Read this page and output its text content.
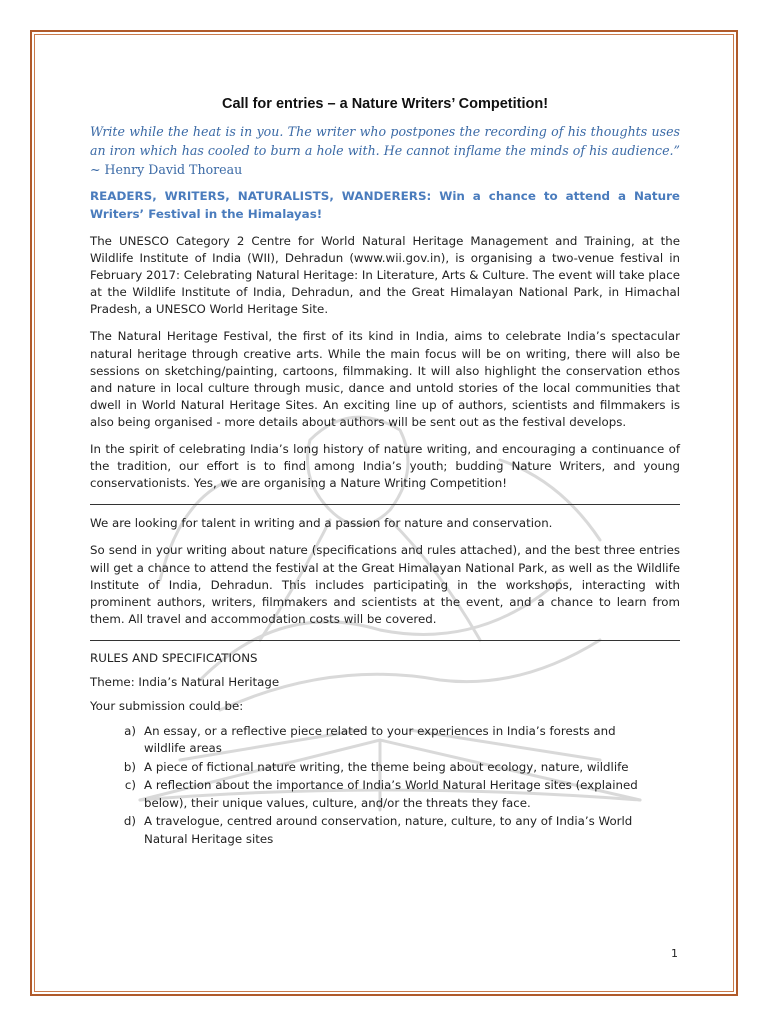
Call for entries – a Nature Writers’ Competition!
Write while the heat is in you. The writer who postpones the recording of his thoughts uses an iron which has cooled to burn a hole with. He cannot inflame the minds of his audience.” ~ Henry David Thoreau
READERS, WRITERS, NATURALISTS, WANDERERS: Win a chance to attend a Nature Writers’ Festival in the Himalayas!

The UNESCO Category 2 Centre for World Natural Heritage Management and Training, at the Wildlife Institute of India (WII), Dehradun (www.wii.gov.in), is organising a two-venue festival in February 2017: Celebrating Natural Heritage: In Literature, Arts & Culture. The event will take place at the Wildlife Institute of India, Dehradun, and the Great Himalayan National Park, in Himachal Pradesh, a UNESCO World Heritage Site.

The Natural Heritage Festival, the first of its kind in India, aims to celebrate India’s spectacular natural heritage through creative arts. While the main focus will be on writing, there will also be sessions on sketching/painting, cartoons, filmmaking. It will also highlight the conservation ethos and nature in local culture through music, dance and untold stories of the local communities that dwell in World Natural Heritage Sites. An exciting line up of authors, scientists and filmmakers is also being organised - more details about authors will be sent out as the festival develops.

In the spirit of celebrating India’s long history of nature writing, and encouraging a continuance of the tradition, our effort is to find among India’s youth; budding Nature Writers, and young conservationists. Yes, we are organising a Nature Writing Competition!

We are looking for talent in writing and a passion for nature and conservation.

So send in your writing about nature (specifications and rules attached), and the best three entries will get a chance to attend the festival at the Great Himalayan National Park, as well as the Wildlife Institute of India, Dehradun. This includes participating in the workshops, interacting with prominent authors, writers, filmmakers and scientists at the event, and a chance to learn from them. All travel and accommodation costs will be covered.

RULES AND SPECIFICATIONS
Theme: India’s Natural Heritage
Your submission could be:
a) An essay, or a reflective piece related to your experiences in India’s forests and wildlife areas
b) A piece of fictional nature writing, the theme being about ecology, nature, wildlife
c) A reflection about the importance of India’s World Natural Heritage sites (explained below), their unique values, culture, and/or the threats they face.
d) A travelogue, centred around conservation, nature, culture, to any of India’s World Natural Heritage sites
1
